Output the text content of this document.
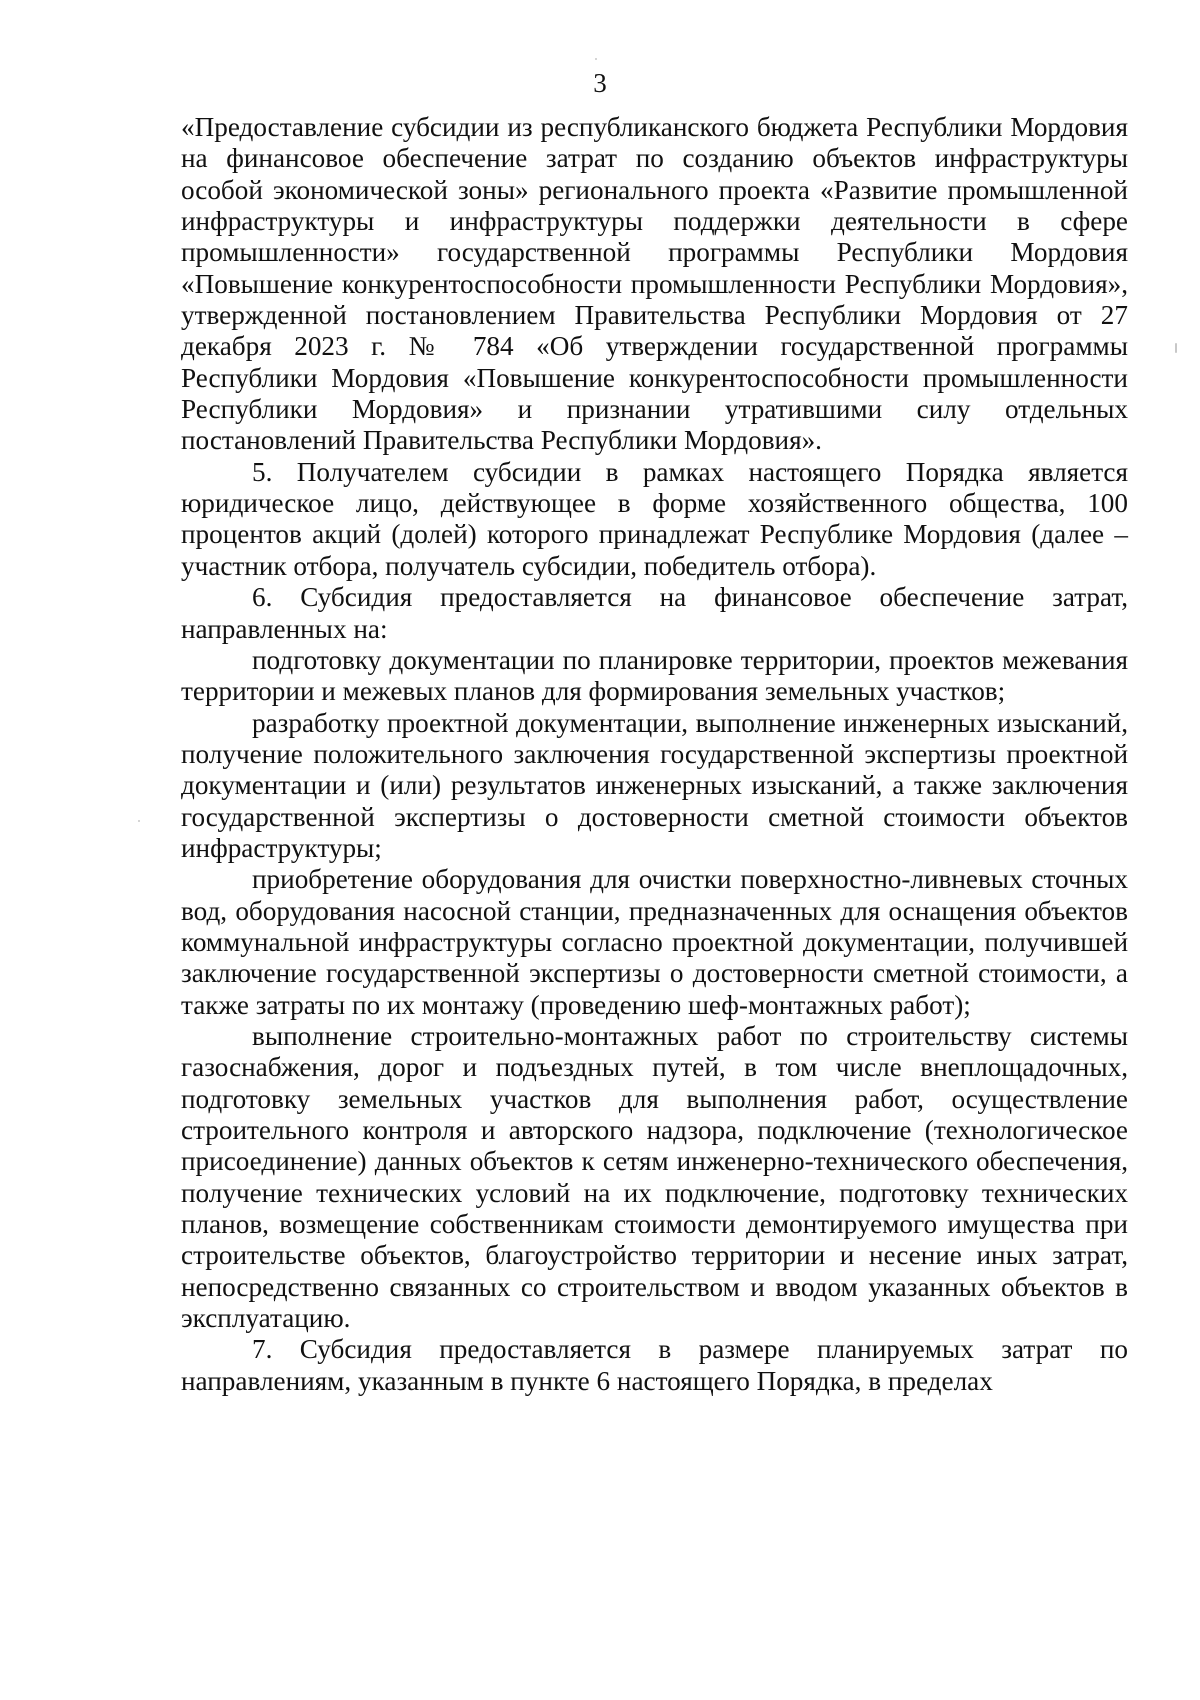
3

«Предоставление субсидии из республиканского бюджета Республики Мордовия на финансовое обеспечение затрат по созданию объектов инфраструктуры особой экономической зоны» регионального проекта «Развитие промышленной инфраструктуры и инфраструктуры поддержки деятельности в сфере промышленности» государственной программы Республики Мордовия «Повышение конкурентоспособности промышленности Республики Мордовия», утвержденной постановлением Правительства Республики Мордовия от 27 декабря 2023 г. № 784 «Об утверждении государственной программы Республики Мордовия «Повышение конкурентоспособности промышленности Республики Мордовия» и признании утратившими силу отдельных постановлений Правительства Республики Мордовия».

5. Получателем субсидии в рамках настоящего Порядка является юридическое лицо, действующее в форме хозяйственного общества, 100 процентов акций (долей) которого принадлежат Республике Мордовия (далее – участник отбора, получатель субсидии, победитель отбора).

6. Субсидия предоставляется на финансовое обеспечение затрат, направленных на:

подготовку документации по планировке территории, проектов межевания территории и межевых планов для формирования земельных участков;

разработку проектной документации, выполнение инженерных изысканий, получение положительного заключения государственной экспертизы проектной документации и (или) результатов инженерных изысканий, а также заключения государственной экспертизы о достоверности сметной стоимости объектов инфраструктуры;

приобретение оборудования для очистки поверхностно-ливневых сточных вод, оборудования насосной станции, предназначенных для оснащения объектов коммунальной инфраструктуры согласно проектной документации, получившей заключение государственной экспертизы о достоверности сметной стоимости, а также затраты по их монтажу (проведению шеф-монтажных работ);

выполнение строительно-монтажных работ по строительству системы газоснабжения, дорог и подъездных путей, в том числе внеплощадочных, подготовку земельных участков для выполнения работ, осуществление строительного контроля и авторского надзора, подключение (технологическое присоединение) данных объектов к сетям инженерно-технического обеспечения, получение технических условий на их подключение, подготовку технических планов, возмещение собственникам стоимости демонтируемого имущества при строительстве объектов, благоустройство территории и несение иных затрат, непосредственно связанных со строительством и вводом указанных объектов в эксплуатацию.

7. Субсидия предоставляется в размере планируемых затрат по направлениям, указанным в пункте 6 настоящего Порядка, в пределах
